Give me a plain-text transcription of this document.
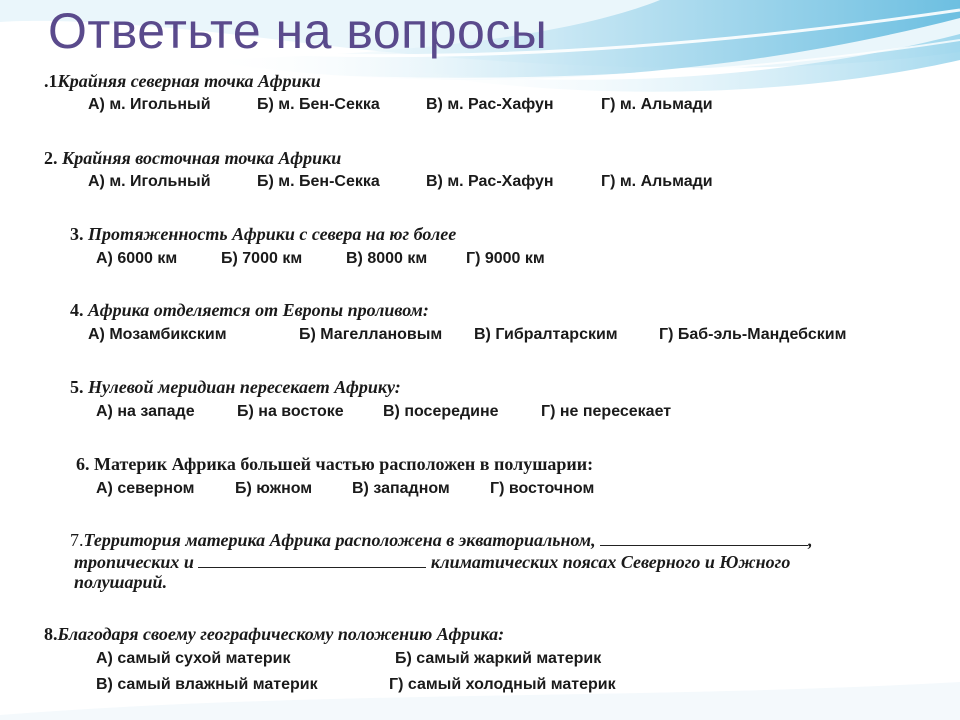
Ответьте на вопросы

.1Крайняя северная точка Африки

А) м. Игольный	Б) м. Бен-Секка	В) м. Рас-Хафун	Г) м. Альмади

2. Крайняя восточная точка Африки

А) м. Игольный	Б) м. Бен-Секка	В) м. Рас-Хафун	Г) м. Альмади

3. Протяженность Африки с севера на юг более

А) 6000 км	Б) 7000 км	В) 8000 км Г) 9000 км

4. Африка отделяется от Европы проливом:

А) Мозамбикским	Б) Магеллановым В) Гибралтарским	Г) Баб-эль-Мандебским

5. Нулевой меридиан пересекает Африку:

А) на западе	Б) на востоке В) посередине	Г) не пересекает

6. Материк Африка большей частью расположен в полушарии:

А) северном	Б) южном В) западном	Г) восточном

7.Территория материка Африка расположена в экваториальном,	,

тропических и	климатических поясах Северного и Южного

полушарий.

8.Благодаря своему географическому положению Африка:

А) самый сухой материк	Б) самый жаркий материк
В) самый влажный материк	Г) самый холодный материк
